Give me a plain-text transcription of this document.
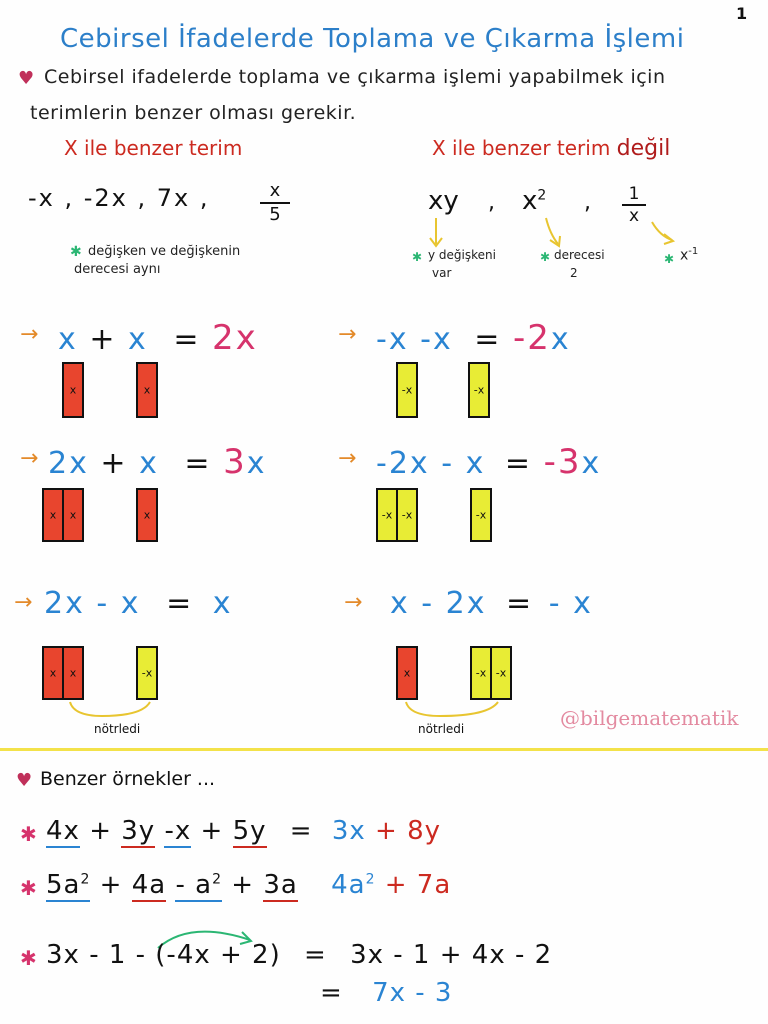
1
Cebirsel İfadelerde Toplama ve Çıkarma İşlemi
♥ Cebirsel ifadelerde toplama ve çıkarma işlemi yapabilmek için
terimlerin benzer olması gerekir.
X ile benzer terim	X ile benzer terim değil
-x , -2x , 7x ,	$\frac{x}{5}$
✱ değişken ve değişkenin
derecesi aynı
xy , $x^2$ , $\frac{1}{x}$
✱ y değişkeni
var
✱ derecesi
2
✱ $x^{-1}$
→ x + x = 2x
x	x
→ -x -x = -2x
-x	-x
→ 2x + x = 3x
x	x	x
→ -2x - x = -3x
-x -x	-x
→ 2x - x = x
x	x	-x
nötrledi
→ x - 2x = - x
x	-x -x
nötrledi	@bilgematematik
♥ Benzer örnekler ...
✱ 4x + 3y -x + 5y = 3x + 8y
✱ $5a^2 + 4a - a^2 + 3a$ $4a^2 + 7a$
✱ 3x - 1 - (-4x + 2) = 3x - 1 + 4x - 2
= 7x - 3
